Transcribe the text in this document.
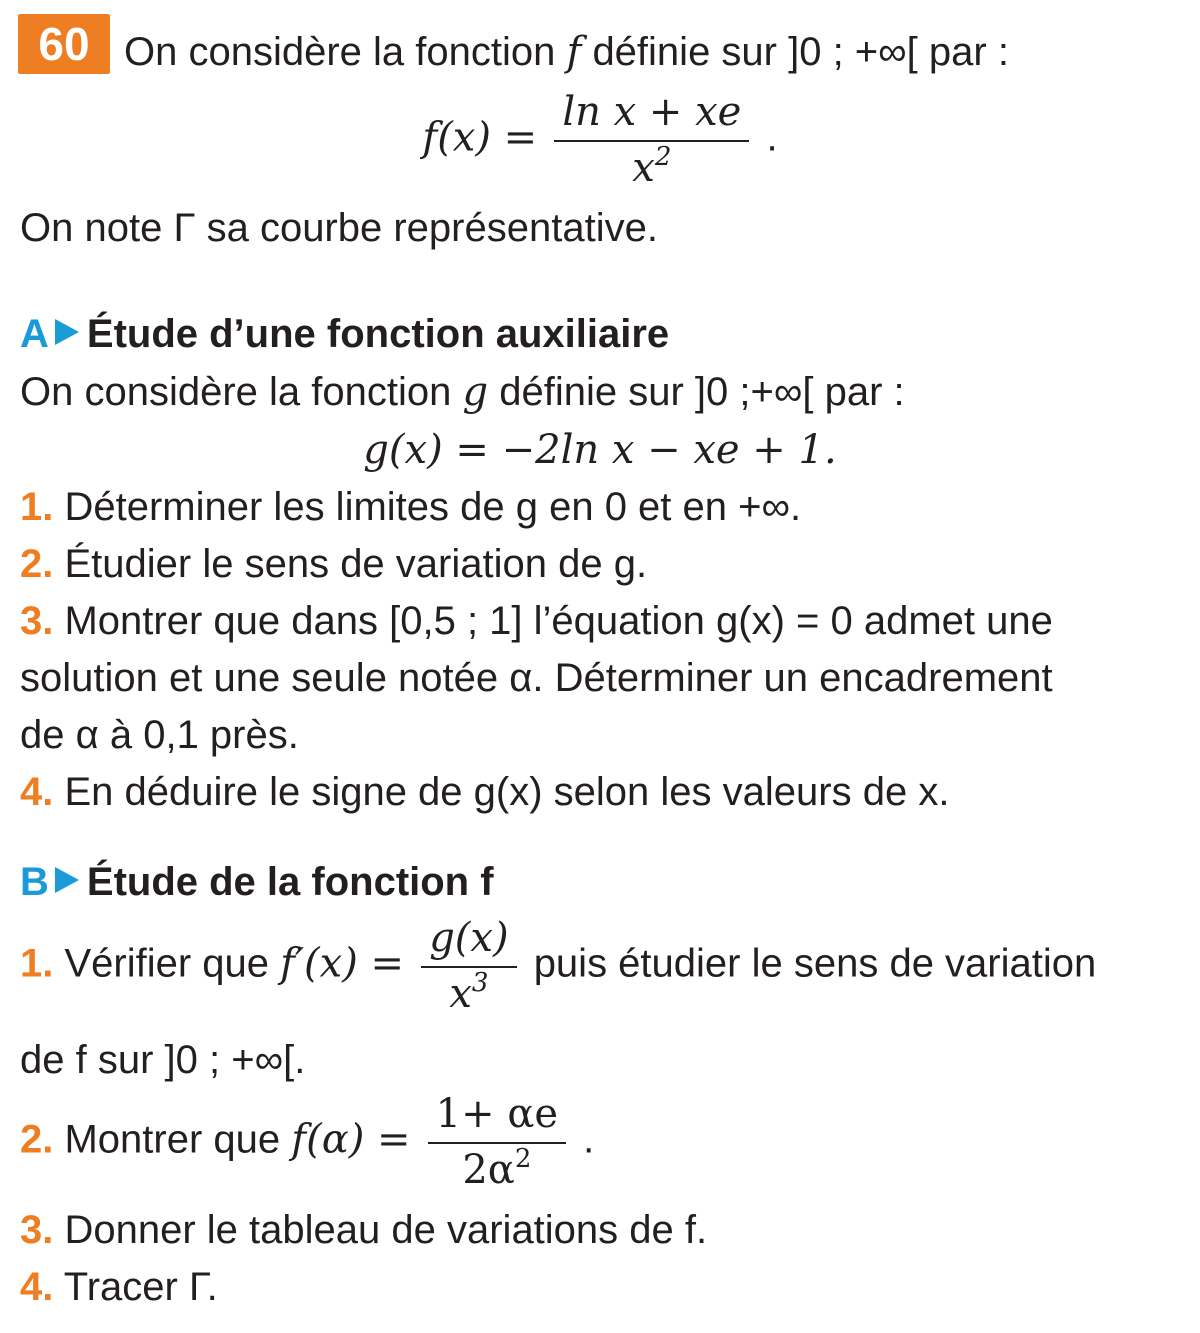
60 On considère la fonction f définie sur ]0 ; +∞[ par :
$f(x) = \frac{\text{ln x + xe}}{x^2}$ .
On note Γ sa courbe représentative.
A Étude d’une fonction auxiliaire
On considère la fonction g définie sur ]0 ;+∞[ par :
g(x) = −2ln x − xe + 1.
1. Déterminer les limites de g en 0 et en +∞.
2. Étudier le sens de variation de g.
3. Montrer que dans [0,5 ; 1] l’équation g(x) = 0 admet une
solution et une seule notée α. Déterminer un encadrement
de α à 0,1 près.
4. En déduire le signe de g(x) selon les valeurs de x.
B Étude de la fonction f
1. Vérifier que $f'(x) = \frac{g(x)}{x^3}$ puis étudier le sens de variation
de f sur ]0 ; +∞[.
2. Montrer que $f(\alpha) = \frac{1+ \alpha e}{2\alpha^2}$ .
3. Donner le tableau de variations de f.
4. Tracer Γ.
